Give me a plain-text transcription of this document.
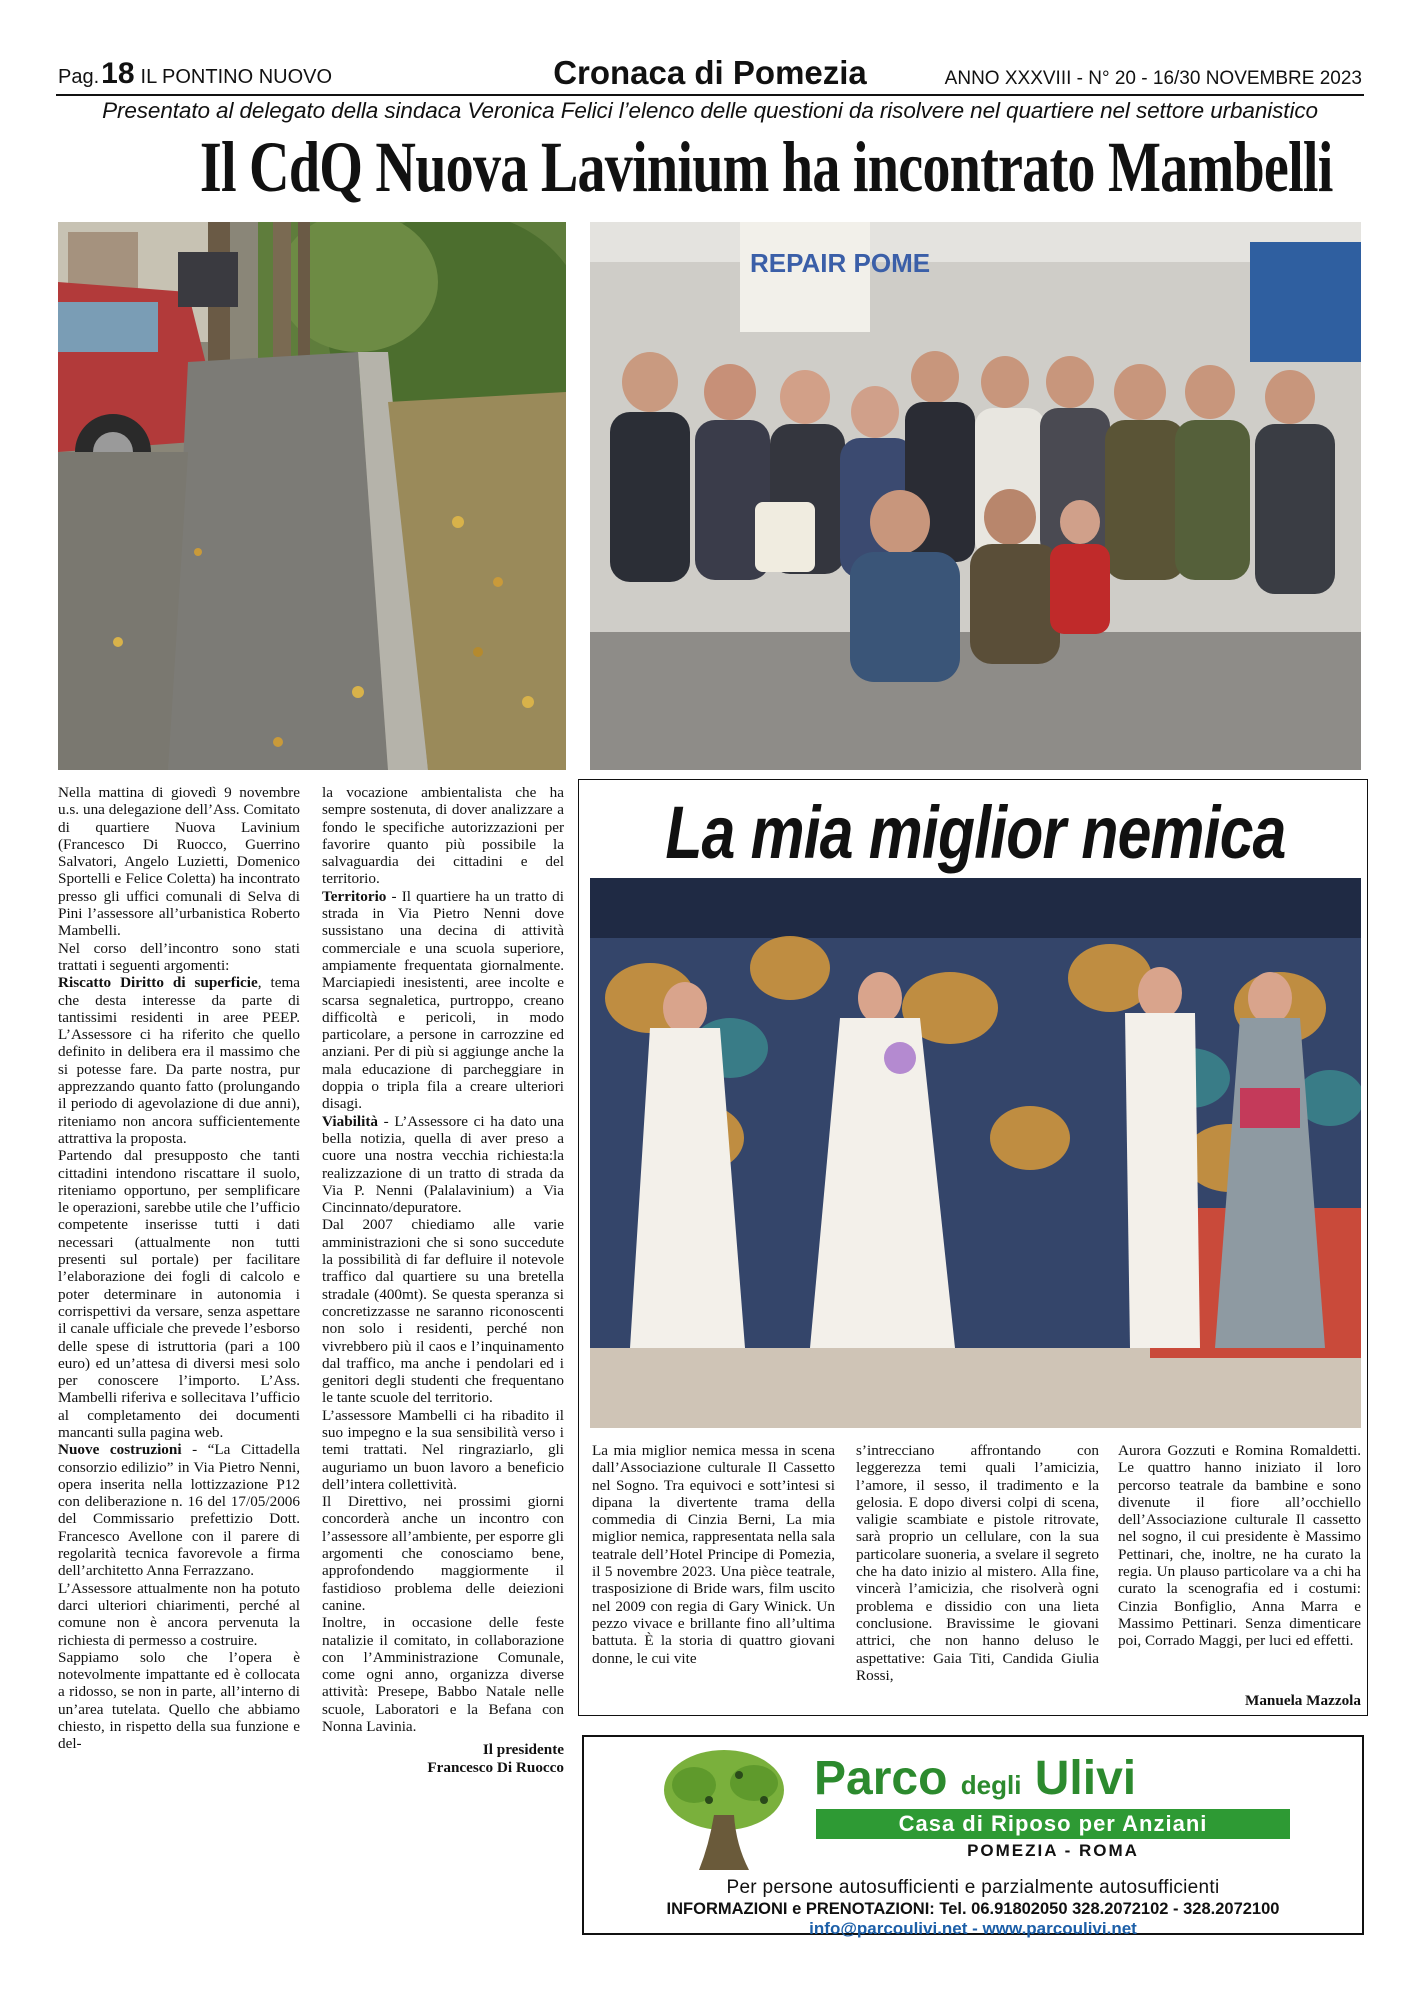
Pag.18 IL PONTINO NUOVO	Cronaca di Pomezia	ANNO XXXVIII - N° 20 - 16/30 NOVEMBRE 2023
Presentato al delegato della sindaca Veronica Felici l’elenco delle questioni da risolvere nel quartiere nel settore urbanistico
Il CdQ Nuova Lavinium ha incontrato Mambelli
REPAIR POME

Nella mattina di giovedì 9 novembre u.s. una delegazione dell’Ass. Comitato di quartiere Nuova Lavinium (Francesco Di Ruocco, Guerrino Salvatori, Angelo Luzietti, Domenico Sportelli e Felice Coletta) ha incontrato presso gli uffici comunali di Selva di Pini l’assessore all’urbanistica Roberto Mambelli.

Nel corso dell’incontro sono stati trattati i seguenti argomenti:

Riscatto Diritto di superficie, tema che desta interesse da parte di tantissimi residenti in aree PEEP. L’Assessore ci ha riferito che quello definito in delibera era il massimo che si potesse fare. Da parte nostra, pur apprezzando quanto fatto (prolungando il periodo di agevolazione di due anni), riteniamo non ancora sufficientemente attrattiva la proposta.

Partendo dal presupposto che tanti cittadini intendono riscattare il suolo, riteniamo opportuno, per semplificare le operazioni, sarebbe utile che l’ufficio competente inserisse tutti i dati necessari (attualmente non tutti presenti sul portale) per facilitare l’elaborazione dei fogli di calcolo e poter determinare in autonomia i corrispettivi da versare, senza aspettare il canale ufficiale che prevede l’esborso delle spese di istruttoria (pari a 100 euro) ed un’attesa di diversi mesi solo per conoscere l’importo. L’Ass. Mambelli riferiva e sollecitava l’ufficio al completamento dei documenti mancanti sulla pagina web.

Nuove costruzioni - “La Cittadella consorzio edilizio” in Via Pietro Nenni, opera inserita nella lottizzazione P12 con deliberazione n. 16 del 17/05/2006 del Commissario prefettizio Dott. Francesco Avellone con il parere di regolarità tecnica favorevole a firma dell’architetto Anna Ferrazzano.

L’Assessore attualmente non ha potuto darci ulteriori chiarimenti, perché al comune non è ancora pervenuta la richiesta di permesso a costruire.

Sappiamo solo che l’opera è notevolmente impattante ed è collocata a ridosso, se non in parte, all’interno di un’area tutelata. Quello che abbiamo chiesto, in rispetto della sua funzione e del-

la vocazione ambientalista che ha sempre sostenuta, di dover analizzare a fondo le specifiche autorizzazioni per favorire quanto più possibile la salvaguardia dei cittadini e del territorio.

Territorio - Il quartiere ha un tratto di strada in Via Pietro Nenni dove sussistano una decina di attività commerciale e una scuola superiore, ampiamente frequentata giornalmente. Marciapiedi inesistenti, aree incolte e scarsa segnaletica, purtroppo, creano difficoltà e pericoli, in modo particolare, a persone in carrozzine ed anziani. Per di più si aggiunge anche la mala educazione di parcheggiare in doppia o tripla fila a creare ulteriori disagi.

Viabilità - L’Assessore ci ha dato una bella notizia, quella di aver preso a cuore una nostra vecchia richiesta:la realizzazione di un tratto di strada da Via P. Nenni (Palalavinium) a Via Cincinnato/depuratore.

Dal 2007 chiediamo alle varie amministrazioni che si sono succedute la possibilità di far defluire il notevole traffico dal quartiere su una bretella stradale (400mt). Se questa speranza si concretizzasse ne saranno riconoscenti non solo i residenti, perché non vivrebbero più il caos e l’inquinamento dal traffico, ma anche i pendolari ed i genitori degli studenti che frequentano le tante scuole del territorio.

L’assessore Mambelli ci ha ribadito il suo impegno e la sua sensibilità verso i temi trattati. Nel ringraziarlo, gli auguriamo un buon lavoro a beneficio dell’intera collettività.

Il Direttivo, nei prossimi giorni concorderà anche un incontro con l’assessore all’ambiente, per esporre gli argomenti che conosciamo bene, approfondendo maggiormente il fastidioso problema delle deiezioni canine.

Inoltre, in occasione delle feste natalizie il comitato, in collaborazione con l’Amministrazione Comunale, come ogni anno, organizza diverse attività: Presepe, Babbo Natale nelle scuole, Laboratori e la Befana con Nonna Lavinia.

Il presidente

Francesco Di Ruocco

La mia miglior nemica
La mia miglior nemica messa in scena dall’Associazione culturale Il Cassetto nel Sogno. Tra equivoci e sott’intesi si dipana la divertente trama della commedia di Cinzia Berni, La mia miglior nemica, rappresentata nella sala teatrale dell’Hotel Principe di Pomezia, il 5 novembre 2023. Una pièce teatrale, trasposizione di Bride wars, film uscito nel 2009 con regia di Gary Winick. Un pezzo vivace e brillante fino all’ultima battuta. È la storia di quattro giovani donne, le cui vite
s’intrecciano affrontando con leggerezza temi quali l’amicizia, l’amore, il sesso, il tradimento e la gelosia. E dopo diversi colpi di scena, valigie scambiate e pistole ritrovate, sarà proprio un cellulare, con la sua particolare suoneria, a svelare il segreto che ha dato inizio al mistero. Alla fine, vincerà l’amicizia, che risolverà ogni problema e dissidio con una lieta conclusione. Bravissime le giovani attrici, che non hanno deluso le aspettative: Gaia Titi, Candida Giulia Rossi,
Aurora Gozzuti e Romina Romaldetti. Le quattro hanno iniziato il loro percorso teatrale da bambine e sono divenute il fiore all’occhiello dell’Associazione culturale Il cassetto nel sogno, il cui presidente è Massimo Pettinari, che, inoltre, ne ha curato la regia. Un plauso particolare va a chi ha curato la scenografia ed i costumi: Cinzia Bonfiglio, Anna Marra e Massimo Pettinari. Senza dimenticare poi, Corrado Maggi, per luci ed effetti.
Manuela Mazzola
Parco degli Ulivi
Casa di Riposo per Anziani
POMEZIA - ROMA
Per persone autosufficienti e parzialmente autosufficienti
INFORMAZIONI e PRENOTAZIONI: Tel. 06.91802050 328.2072102 - 328.2072100
info@parcoulivi.net - www.parcoulivi.net
